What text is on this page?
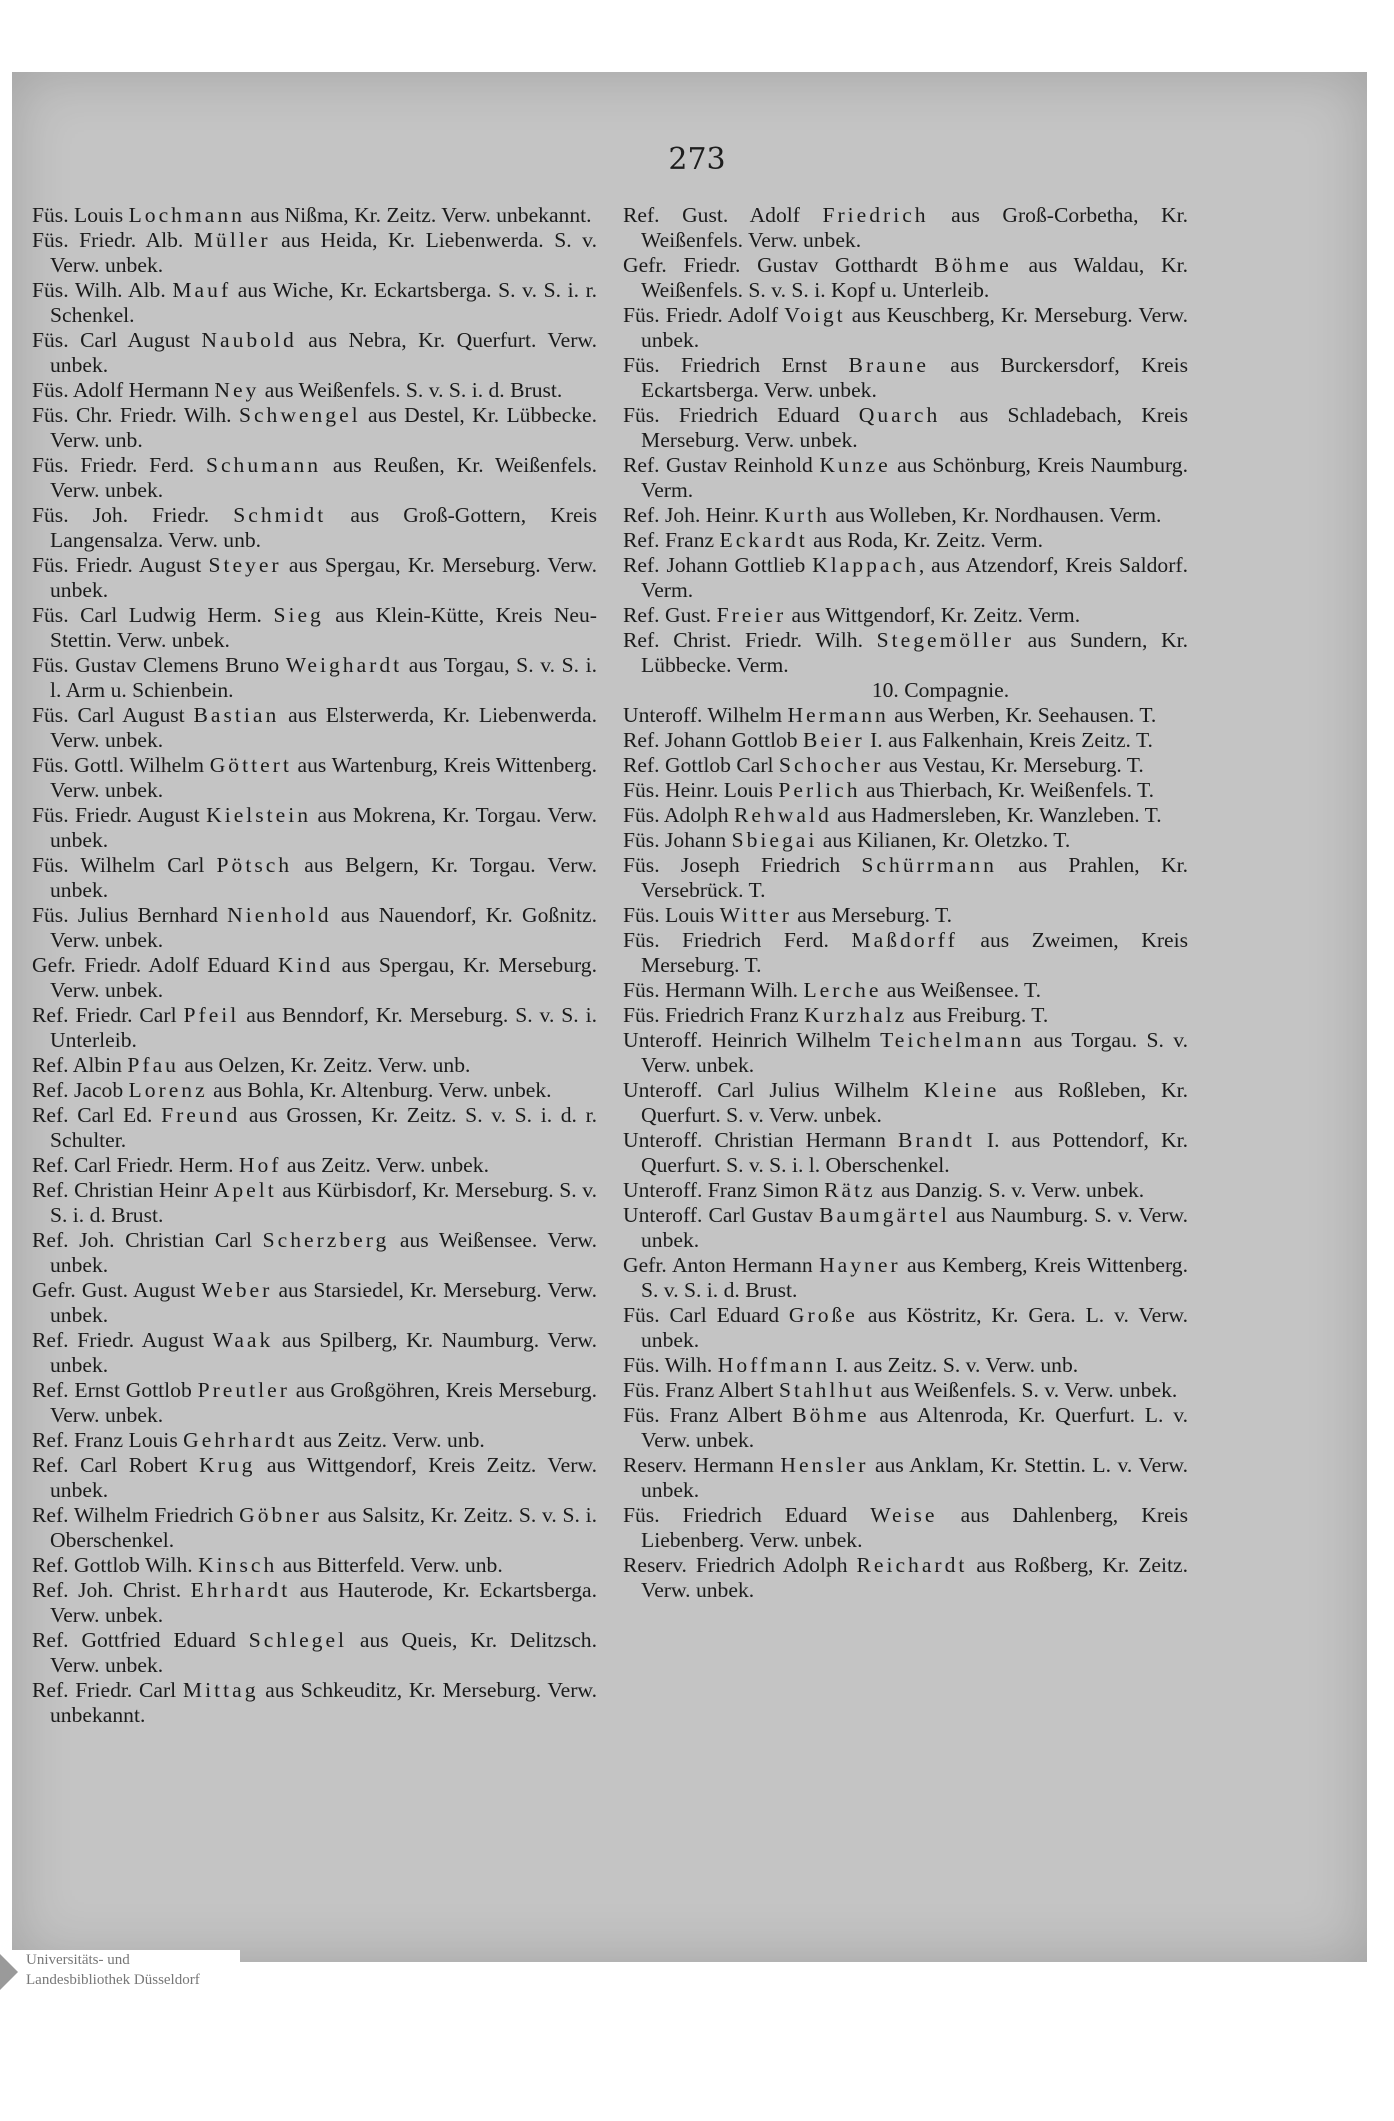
273

Füs. Louis Lochmann aus Nißma, Kr. Zeitz. Verw. unbekannt.

Füs. Friedr. Alb. Müller aus Heida, Kr. Liebenwerda. S. v. Verw. unbek.

Füs. Wilh. Alb. Mauf aus Wiche, Kr. Eckartsberga. S. v. S. i. r. Schenkel.

Füs. Carl August Naubold aus Nebra, Kr. Querfurt. Verw. unbek.

Füs. Adolf Hermann Ney aus Weißenfels. S. v. S. i. d. Brust.

Füs. Chr. Friedr. Wilh. Schwengel aus Destel, Kr. Lübbecke. Verw. unb.

Füs. Friedr. Ferd. Schumann aus Reußen, Kr. Weißenfels. Verw. unbek.

Füs. Joh. Friedr. Schmidt aus Groß-Gottern, Kreis Langensalza. Verw. unb.

Füs. Friedr. August Steyer aus Spergau, Kr. Merseburg. Verw. unbek.

Füs. Carl Ludwig Herm. Sieg aus Klein-Kütte, Kreis Neu-Stettin. Verw. unbek.

Füs. Gustav Clemens Bruno Weighardt aus Torgau, S. v. S. i. l. Arm u. Schienbein.

Füs. Carl August Bastian aus Elsterwerda, Kr. Liebenwerda. Verw. unbek.

Füs. Gottl. Wilhelm Göttert aus Wartenburg, Kreis Wittenberg. Verw. unbek.

Füs. Friedr. August Kielstein aus Mokrena, Kr. Torgau. Verw. unbek.

Füs. Wilhelm Carl Pötsch aus Belgern, Kr. Torgau. Verw. unbek.

Füs. Julius Bernhard Nienhold aus Nauendorf, Kr. Goßnitz. Verw. unbek.

Gefr. Friedr. Adolf Eduard Kind aus Spergau, Kr. Merseburg. Verw. unbek.

Ref. Friedr. Carl Pfeil aus Benndorf, Kr. Merseburg. S. v. S. i. Unterleib.

Ref. Albin Pfau aus Oelzen, Kr. Zeitz. Verw. unb.

Ref. Jacob Lorenz aus Bohla, Kr. Altenburg. Verw. unbek.

Ref. Carl Ed. Freund aus Grossen, Kr. Zeitz. S. v. S. i. d. r. Schulter.

Ref. Carl Friedr. Herm. Hof aus Zeitz. Verw. unbek.

Ref. Christian Heinr Apelt aus Kürbisdorf, Kr. Merseburg. S. v. S. i. d. Brust.

Ref. Joh. Christian Carl Scherzberg aus Weißensee. Verw. unbek.

Gefr. Gust. August Weber aus Starsiedel, Kr. Merseburg. Verw. unbek.

Ref. Friedr. August Waak aus Spilberg, Kr. Naumburg. Verw. unbek.

Ref. Ernst Gottlob Preutler aus Großgöhren, Kreis Merseburg. Verw. unbek.

Ref. Franz Louis Gehrhardt aus Zeitz. Verw. unb.

Ref. Carl Robert Krug aus Wittgendorf, Kreis Zeitz. Verw. unbek.

Ref. Wilhelm Friedrich Göbner aus Salsitz, Kr. Zeitz. S. v. S. i. Oberschenkel.

Ref. Gottlob Wilh. Kinsch aus Bitterfeld. Verw. unb.

Ref. Joh. Christ. Ehrhardt aus Hauterode, Kr. Eckartsberga. Verw. unbek.

Ref. Gottfried Eduard Schlegel aus Queis, Kr. Delitzsch. Verw. unbek.

Ref. Friedr. Carl Mittag aus Schkeuditz, Kr. Merseburg. Verw. unbekannt.

Ref. Gust. Adolf Friedrich aus Groß-Corbetha, Kr. Weißenfels. Verw. unbek.

Gefr. Friedr. Gustav Gotthardt Böhme aus Waldau, Kr. Weißenfels. S. v. S. i. Kopf u. Unterleib.

Füs. Friedr. Adolf Voigt aus Keuschberg, Kr. Merseburg. Verw. unbek.

Füs. Friedrich Ernst Braune aus Burckersdorf, Kreis Eckartsberga. Verw. unbek.

Füs. Friedrich Eduard Quarch aus Schladebach, Kreis Merseburg. Verw. unbek.

Ref. Gustav Reinhold Kunze aus Schönburg, Kreis Naumburg. Verm.

Ref. Joh. Heinr. Kurth aus Wolleben, Kr. Nordhausen. Verm.

Ref. Franz Eckardt aus Roda, Kr. Zeitz. Verm.

Ref. Johann Gottlieb Klappach, aus Atzendorf, Kreis Saldorf. Verm.

Ref. Gust. Freier aus Wittgendorf, Kr. Zeitz. Verm.

Ref. Christ. Friedr. Wilh. Stegemöller aus Sundern, Kr. Lübbecke. Verm.

10. Compagnie.

Unteroff. Wilhelm Hermann aus Werben, Kr. Seehausen. T.

Ref. Johann Gottlob Beier I. aus Falkenhain, Kreis Zeitz. T.

Ref. Gottlob Carl Schocher aus Vestau, Kr. Merseburg. T.

Füs. Heinr. Louis Perlich aus Thierbach, Kr. Weißenfels. T.

Füs. Adolph Rehwald aus Hadmersleben, Kr. Wanzleben. T.

Füs. Johann Sbiegai aus Kilianen, Kr. Oletzko. T.

Füs. Joseph Friedrich Schürrmann aus Prahlen, Kr. Versebrück. T.

Füs. Louis Witter aus Merseburg. T.

Füs. Friedrich Ferd. Maßdorff aus Zweimen, Kreis Merseburg. T.

Füs. Hermann Wilh. Lerche aus Weißensee. T.

Füs. Friedrich Franz Kurzhalz aus Freiburg. T.

Unteroff. Heinrich Wilhelm Teichelmann aus Torgau. S. v. Verw. unbek.

Unteroff. Carl Julius Wilhelm Kleine aus Roßleben, Kr. Querfurt. S. v. Verw. unbek.

Unteroff. Christian Hermann Brandt I. aus Pottendorf, Kr. Querfurt. S. v. S. i. l. Oberschenkel.

Unteroff. Franz Simon Rätz aus Danzig. S. v. Verw. unbek.

Unteroff. Carl Gustav Baumgärtel aus Naumburg. S. v. Verw. unbek.

Gefr. Anton Hermann Hayner aus Kemberg, Kreis Wittenberg. S. v. S. i. d. Brust.

Füs. Carl Eduard Große aus Köstritz, Kr. Gera. L. v. Verw. unbek.

Füs. Wilh. Hoffmann I. aus Zeitz. S. v. Verw. unb.

Füs. Franz Albert Stahlhut aus Weißenfels. S. v. Verw. unbek.

Füs. Franz Albert Böhme aus Altenroda, Kr. Querfurt. L. v. Verw. unbek.

Reserv. Hermann Hensler aus Anklam, Kr. Stettin. L. v. Verw. unbek.

Füs. Friedrich Eduard Weise aus Dahlenberg, Kreis Liebenberg. Verw. unbek.

Reserv. Friedrich Adolph Reichardt aus Roßberg, Kr. Zeitz. Verw. unbek.

Universitäts- und
Landesbibliothek Düsseldorf
